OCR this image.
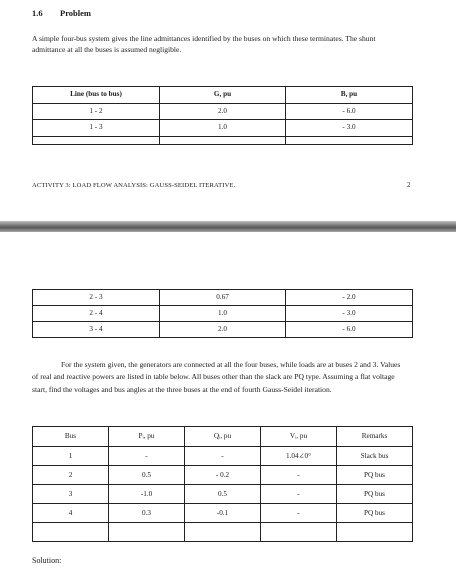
1.6 Problem
A simple four-bus system gives the line admittances identified by the buses on which these terminates. The shunt admittance at all the buses is assumed negligible.
Line (bus to bus)	G, pu	B, pu
1 - 2	2.0	- 6.0
1 - 3	1.0	- 3.0

ACTIVITY 3: LOAD FLOW ANALYSIS: GAUSS-SEIDEL ITERATIVE.	2
2 - 3	0.67	- 2.0
2 - 4	1.0	- 3.0
3 - 4	2.0	- 6.0
For the system given, the generators are connected at all the four buses, while loads are at buses 2 and 3. Values of real and reactive powers are listed in table below. All buses other than the slack are PQ type. Assuming a flat voltage start, find the voltages and bus angles at the three buses at the end of fourth Gauss-Seidel iteration.
Bus	Pᵢ, pu	Qᵢ, pu	Vᵢ, pu	Remarks
1	-	-	1.04∠0°	Slack bus
2	0.5	- 0.2	-	PQ bus
3	-1.0	0.5	-	PQ bus
4	0.3	-0.1	-	PQ bus

Solution:
